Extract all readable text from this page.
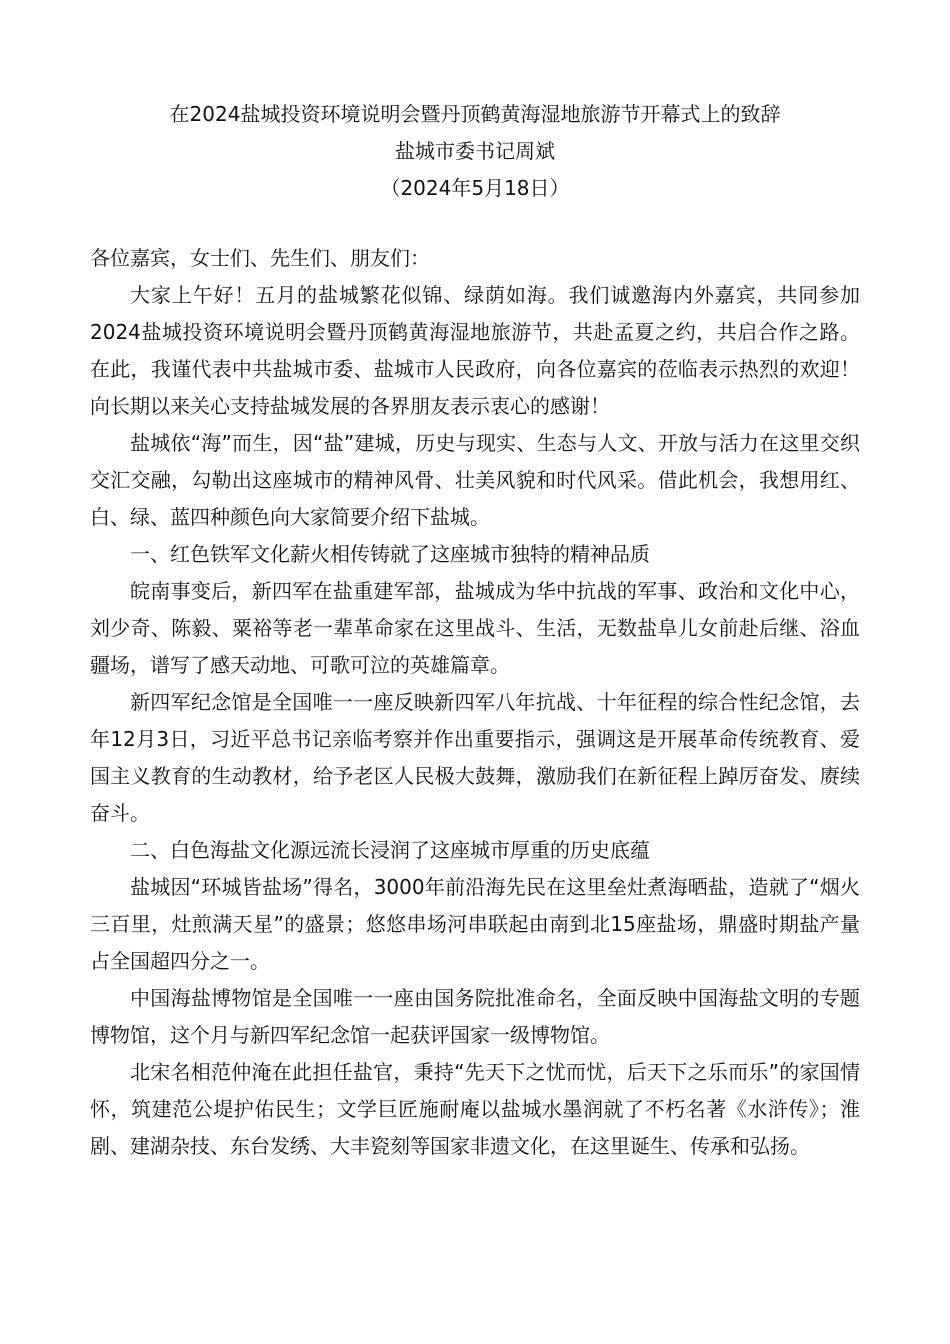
在2024盐城投资环境说明会暨丹顶鹤黄海湿地旅游节开幕式上的致辞
盐城市委书记周斌
（2024年5月18日）

各位嘉宾，女士们、先生们、朋友们：

大家上午好！五月的盐城繁花似锦、绿荫如海。我们诚邀海内外嘉宾，共同参加2024盐城投资环境说明会暨丹顶鹤黄海湿地旅游节，共赴孟夏之约，共启合作之路。在此，我谨代表中共盐城市委、盐城市人民政府，向各位嘉宾的莅临表示热烈的欢迎！向长期以来关心支持盐城发展的各界朋友表示衷心的感谢！

盐城依“海”而生，因“盐”建城，历史与现实、生态与人文、开放与活力在这里交织交汇交融，勾勒出这座城市的精神风骨、壮美风貌和时代风采。借此机会，我想用红、白、绿、蓝四种颜色向大家简要介绍下盐城。

一、红色铁军文化薪火相传铸就了这座城市独特的精神品质

皖南事变后，新四军在盐重建军部，盐城成为华中抗战的军事、政治和文化中心，刘少奇、陈毅、粟裕等老一辈革命家在这里战斗、生活，无数盐阜儿女前赴后继、浴血疆场，谱写了感天动地、可歌可泣的英雄篇章。

新四军纪念馆是全国唯一一座反映新四军八年抗战、十年征程的综合性纪念馆，去年12月3日，习近平总书记亲临考察并作出重要指示，强调这是开展革命传统教育、爱国主义教育的生动教材，给予老区人民极大鼓舞，激励我们在新征程上踔厉奋发、赓续奋斗。

二、白色海盐文化源远流长浸润了这座城市厚重的历史底蕴

盐城因“环城皆盐场”得名，3000年前沿海先民在这里垒灶煮海晒盐，造就了“烟火三百里，灶煎满天星”的盛景；悠悠串场河串联起由南到北15座盐场，鼎盛时期盐产量占全国超四分之一。

中国海盐博物馆是全国唯一一座由国务院批准命名，全面反映中国海盐文明的专题博物馆，这个月与新四军纪念馆一起获评国家一级博物馆。

北宋名相范仲淹在此担任盐官，秉持“先天下之忧而忧，后天下之乐而乐”的家国情怀，筑建范公堤护佑民生；文学巨匠施耐庵以盐城水墨润就了不朽名著《水浒传》；淮剧、建湖杂技、东台发绣、大丰瓷刻等国家非遗文化，在这里诞生、传承和弘扬。
